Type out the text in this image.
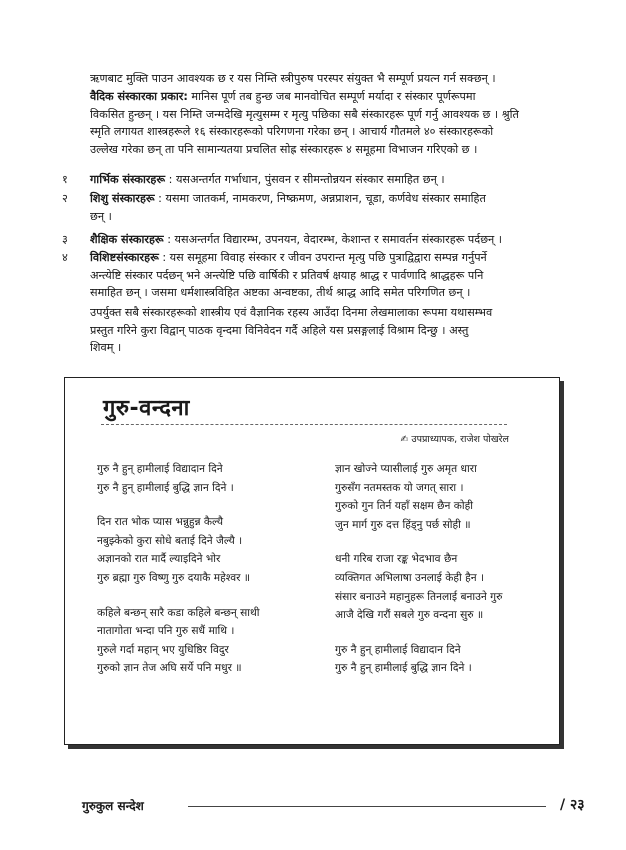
ऋणबाट मुक्ति पाउन आवश्यक छ र यस निम्ति स्त्रीपुरुष परस्पर संयुक्त भै सम्पूर्ण प्रयत्न गर्न सक्छन् ।
वैदिक संस्कारका प्रकार: मानिस पूर्ण तब हुन्छ जब मानवोचित सम्पूर्ण मर्यादा र संस्कार पूर्णरूपमा
विकसित हुन्छन् । यस निम्ति जन्मदेखि मृत्युसम्म र मृत्यु पछिका सबै संस्कारहरू पूर्ण गर्नु आवश्यक छ । श्रुति
स्मृति लगायत शास्त्रहरूले १६ संस्कारहरूको परिगणना गरेका छन् । आचार्य गौतमले ४० संस्कारहरूको
उल्लेख गरेका छन् ता पनि सामान्यतया प्रचलित सोह्र संस्कारहरू ४ समूहमा विभाजन गरिएको छ ।
१	गार्भिक संस्कारहरू : यसअन्तर्गत गर्भाधान, पुंसवन र सीमन्तोन्नयन संस्कार समाहित छन् ।
२	शिशु संस्कारहरू : यसमा जातकर्म, नामकरण, निष्क्रमण, अन्नप्राशन, चूडा, कर्णवेध संस्कार समाहित
छन् ।
३	शैक्षिक संस्कारहरू : यसअन्तर्गत विद्यारम्भ, उपनयन, वेदारम्भ, केशान्त र समावर्तन संस्कारहरू पर्दछन् ।
४	विशिष्टसंस्कारहरू : यस समूहमा विवाह संस्कार र जीवन उपरान्त मृत्यु पछि पुत्राद्विद्वारा सम्पन्न गर्नुपर्ने
अन्त्येष्टि संस्कार पर्दछन् भने अन्त्येष्टि पछि वार्षिकी र प्रतिवर्ष क्षयाह श्राद्ध र पार्वणादि श्राद्धहरू पनि
समाहित छन् । जसमा धर्मशास्त्रविहित अष्टका अन्वष्टका, तीर्थ श्राद्ध आदि समेत परिगणित छन् ।
उपर्युक्त सबै संस्कारहरूको शास्त्रीय एवं वैज्ञानिक रहस्य आउँदा दिनमा लेखमालाका रूपमा यथासम्भव
प्रस्तुत गरिने कुरा विद्वान् पाठक वृन्दमा विनिवेदन गर्दै अहिले यस प्रसङ्गलाई विश्राम दिन्छु । अस्तु
शिवम् ।
गुरु-वन्दना
✍ उपप्राध्यापक, राजेश पोखरेल
गुरु नै हुन् हामीलाई विद्यादान दिने
गुरु नै हुन् हामीलाई बुद्धि ज्ञान दिने ।
दिन रात भोक प्यास भन्नुहुन्न कैल्यै
नबुझ्केको कुरा सोधे बताई दिने जैल्यै ।
अज्ञानको रात मार्दै ल्याइदिने भोर
गुरु ब्रह्मा गुरु विष्णु गुरु दयाकै महेश्वर ॥
कहिले बन्छन् सारै कडा कहिले बन्छन् साथी
नातागोता भन्दा पनि गुरु सधैं माथि ।
गुरुले गर्दा महान् भए युधिष्ठिर विदुर
गुरुको ज्ञान तेज अघि सर्ये पनि मधुर ॥
ज्ञान खोज्ने प्यासीलाई गुरु अमृत धारा
गुरुसँग नतमस्तक यो जगत् सारा ।
गुरुको गुन तिर्न यहाँ सक्षम छैन कोही
जुन मार्ग गुरु दत्त हिंड्नु पर्छ सोही ॥
धनी गरिब राजा रङ्क भेदभाव छैन
व्यक्तिगत अभिलाषा उनलाई केही हैन ।
संसार बनाउने महानुहरू तिनलाई बनाउने गुरु
आजै देखि गरौं सबले गुरु वन्दना सुरु ॥
गुरु नै हुन् हामीलाई विद्यादान दिने
गुरु नै हुन् हामीलाई बुद्धि ज्ञान दिने ।
गुरुकुल सन्देश	/ २३
